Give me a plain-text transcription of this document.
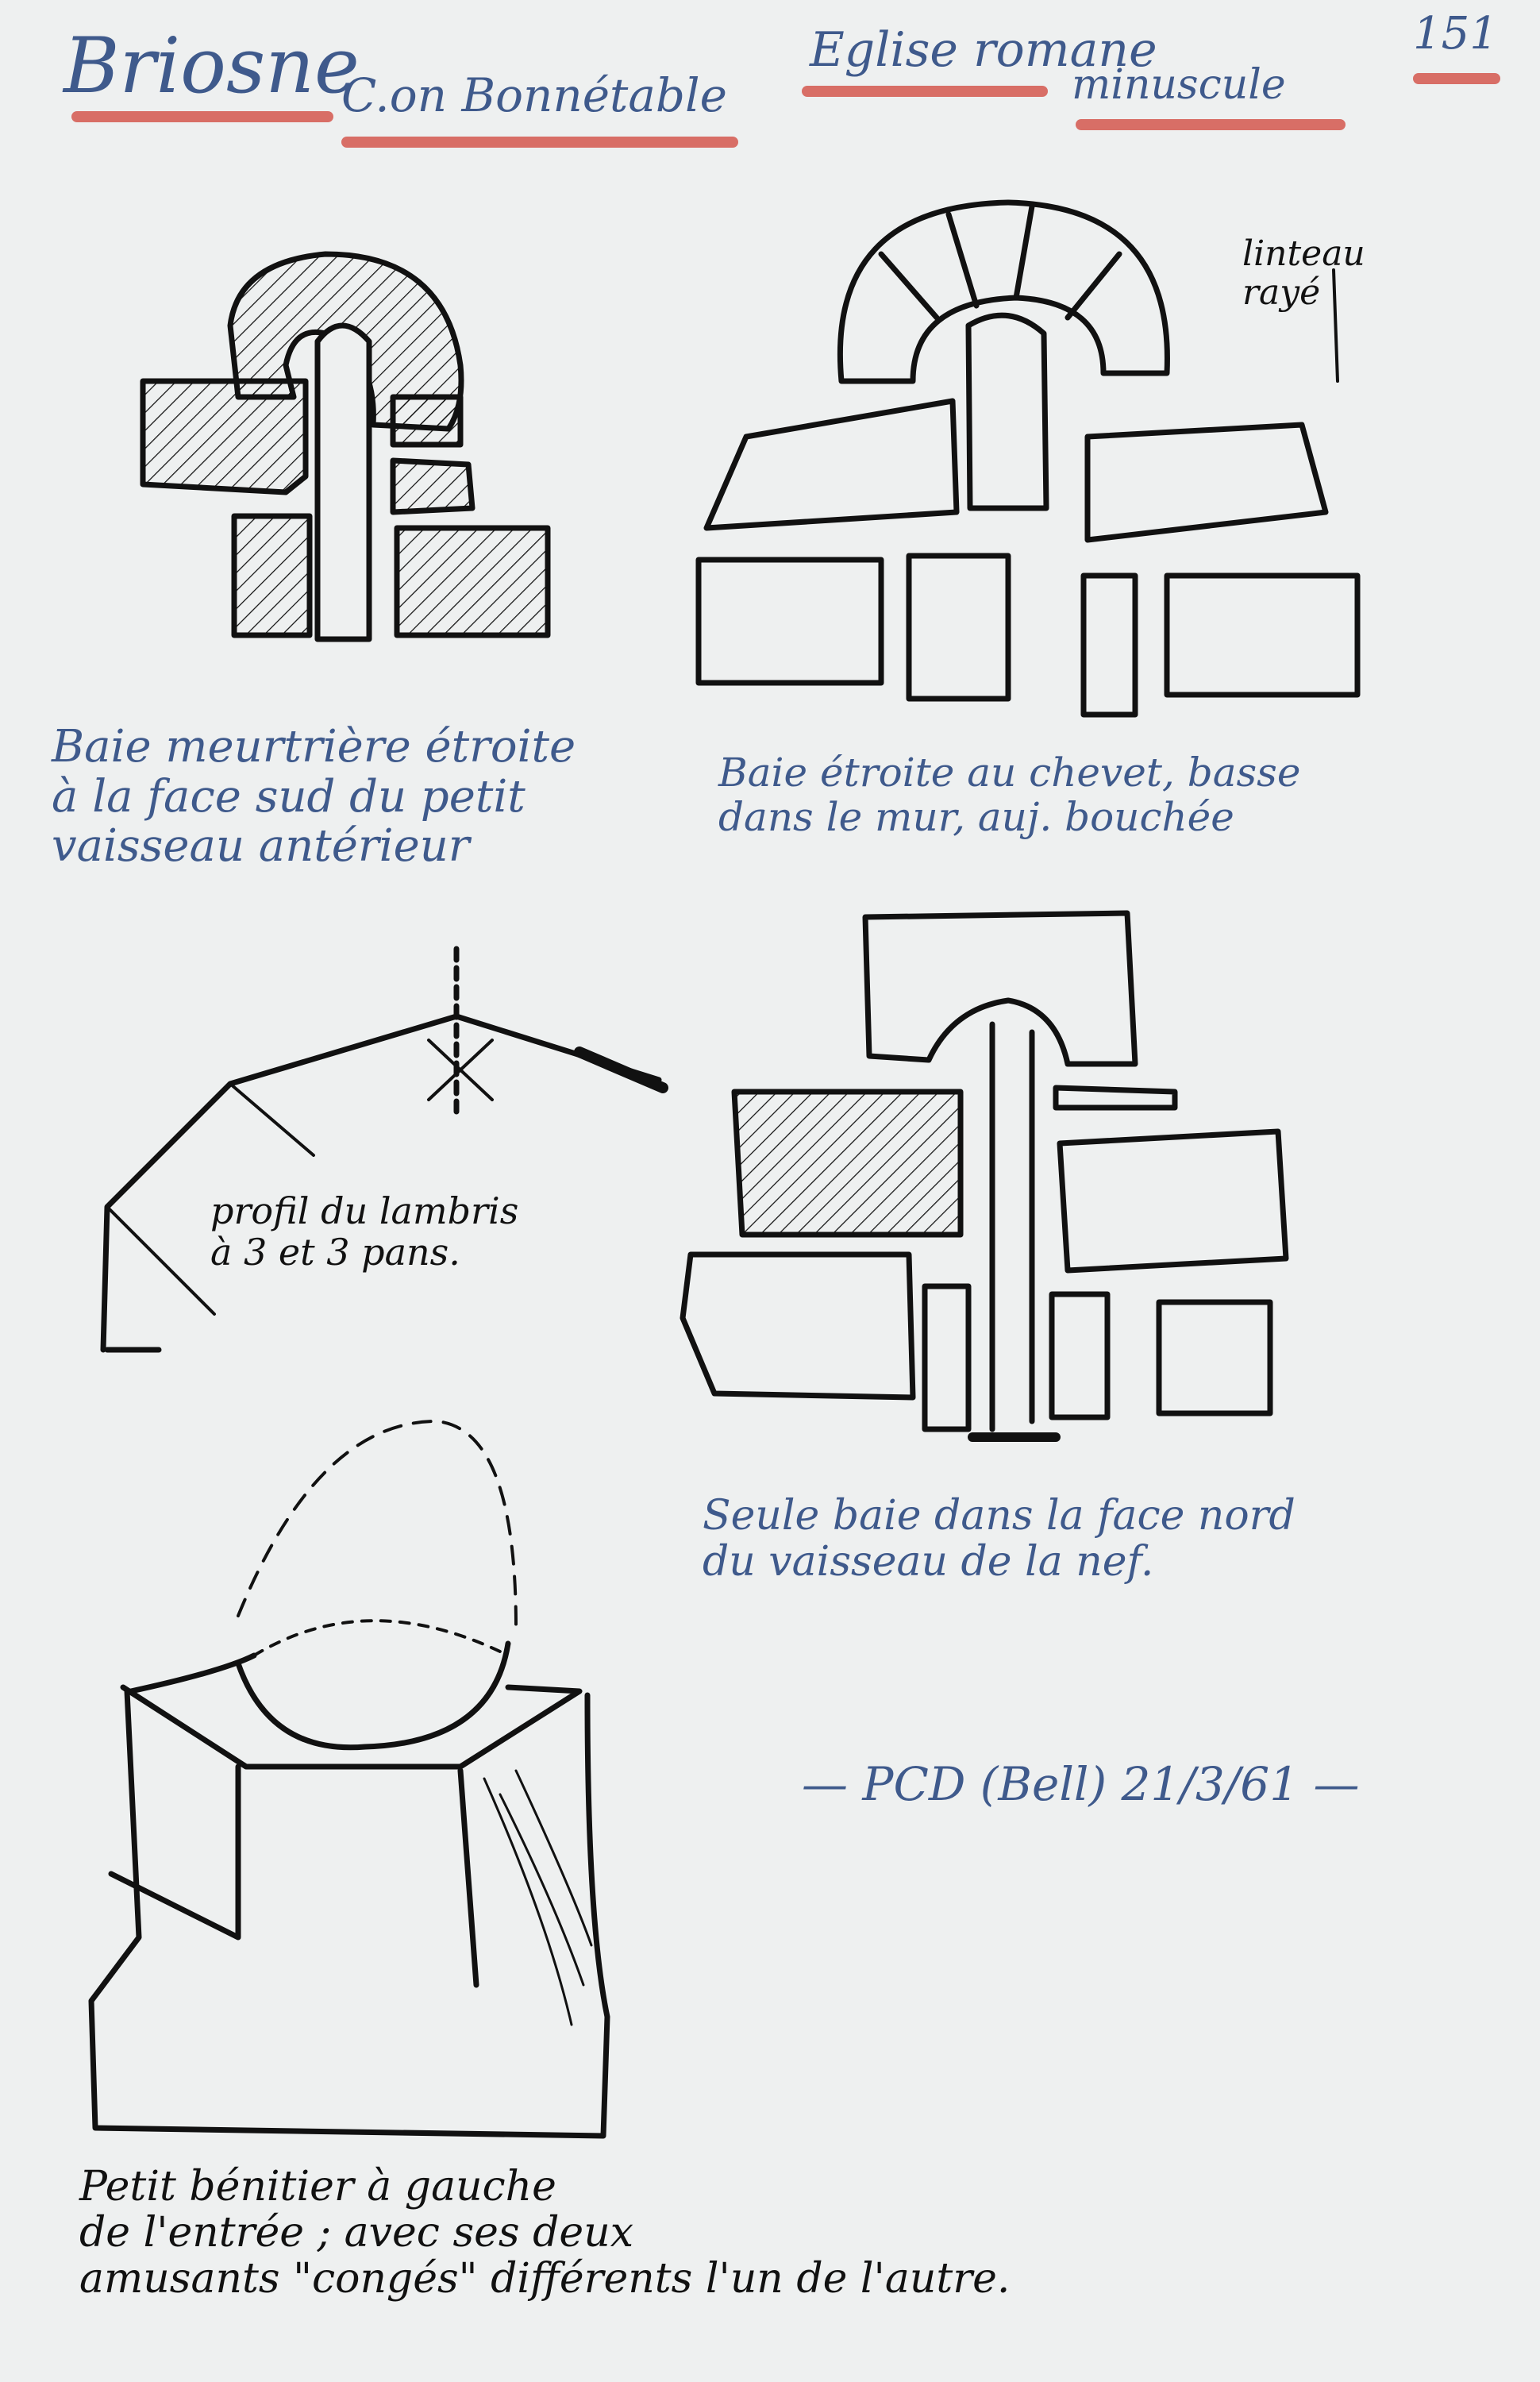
Briosne
C.on Bonnétable
Eglise romane
minuscule
151
Baie meurtrière étroite
à la face sud du petit
vaisseau antérieur
linteau
rayé
Baie étroite au chevet, basse
dans le mur, auj. bouchée
profil du lambris
à 3 et 3 pans.
Seule baie dans la face nord
du vaisseau de la nef.
— PCD (Bell) 21/3/61 —
Petit bénitier à gauche
de l'entrée ; avec ses deux
amusants "congés" différents l'un de l'autre.
